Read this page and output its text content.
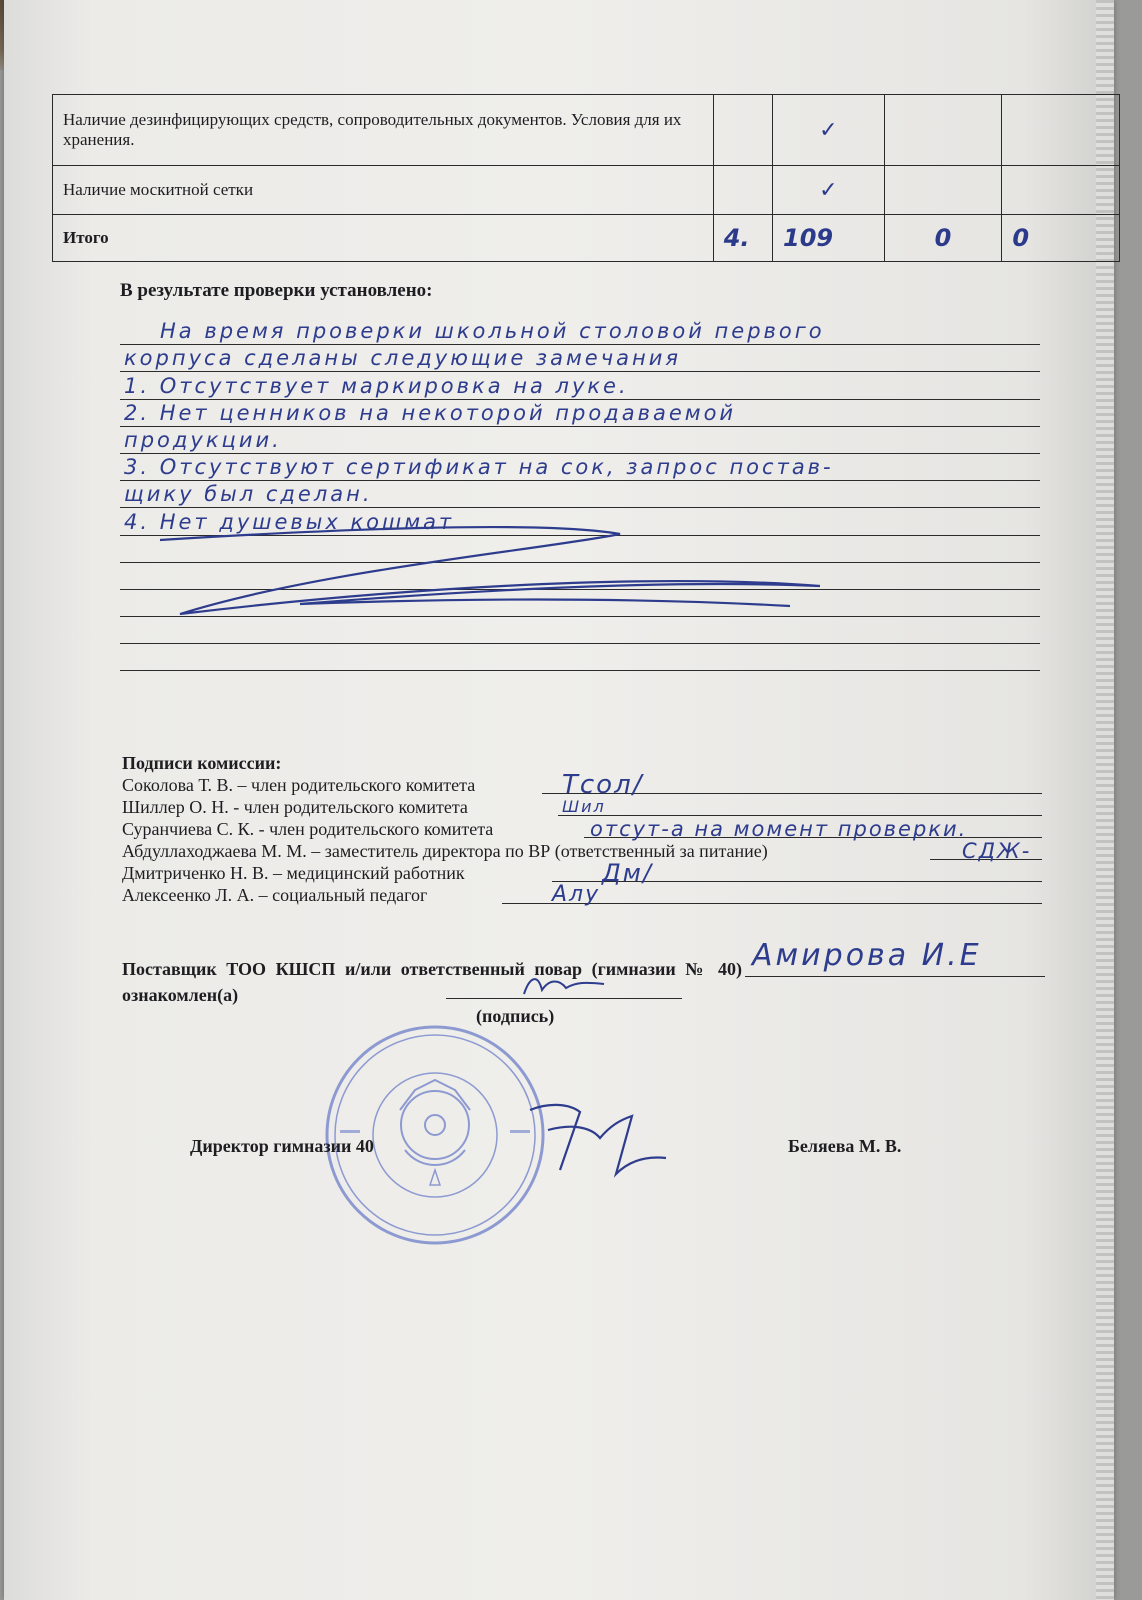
Наличие дезинфицирующих средств, сопроводительных документов. Условия для их хранения.		✓		
Наличие москитной сетки		✓		
Итого	4.	109	0	0
В результате проверки установлено:
На время проверки школьной столовой первого
корпуса сделаны следующие замечания
1. Отсутствует маркировка на луке.
2. Нет ценников на некоторой продаваемой
продукции.
3. Отсутствуют сертификат на сок, запрос постав-
щику был сделан.
4. Нет душевых кошмат
Подписи комиссии:
Соколова Т. В. – член родительского комитета	Тсол/
Шиллер О. Н. - член родительского комитета	Шил
Суранчиева С. К. - член родительского комитета	отсут-а на момент проверки.
Абдуллаходжаева М. М. – заместитель директора по ВР (ответственный за питание)	СДЖ-
Дмитриченко Н. В. – медицинский работник	Дм/
Алексеенко Л. А. – социальный педагог	Алу
Поставщик ТОО КШСП и/или ответственный повар (гимназии № 40) ознакомлен(а)
Амирова И.Е
(подпись)
Директор гимназии 40	Беляева М. В.
